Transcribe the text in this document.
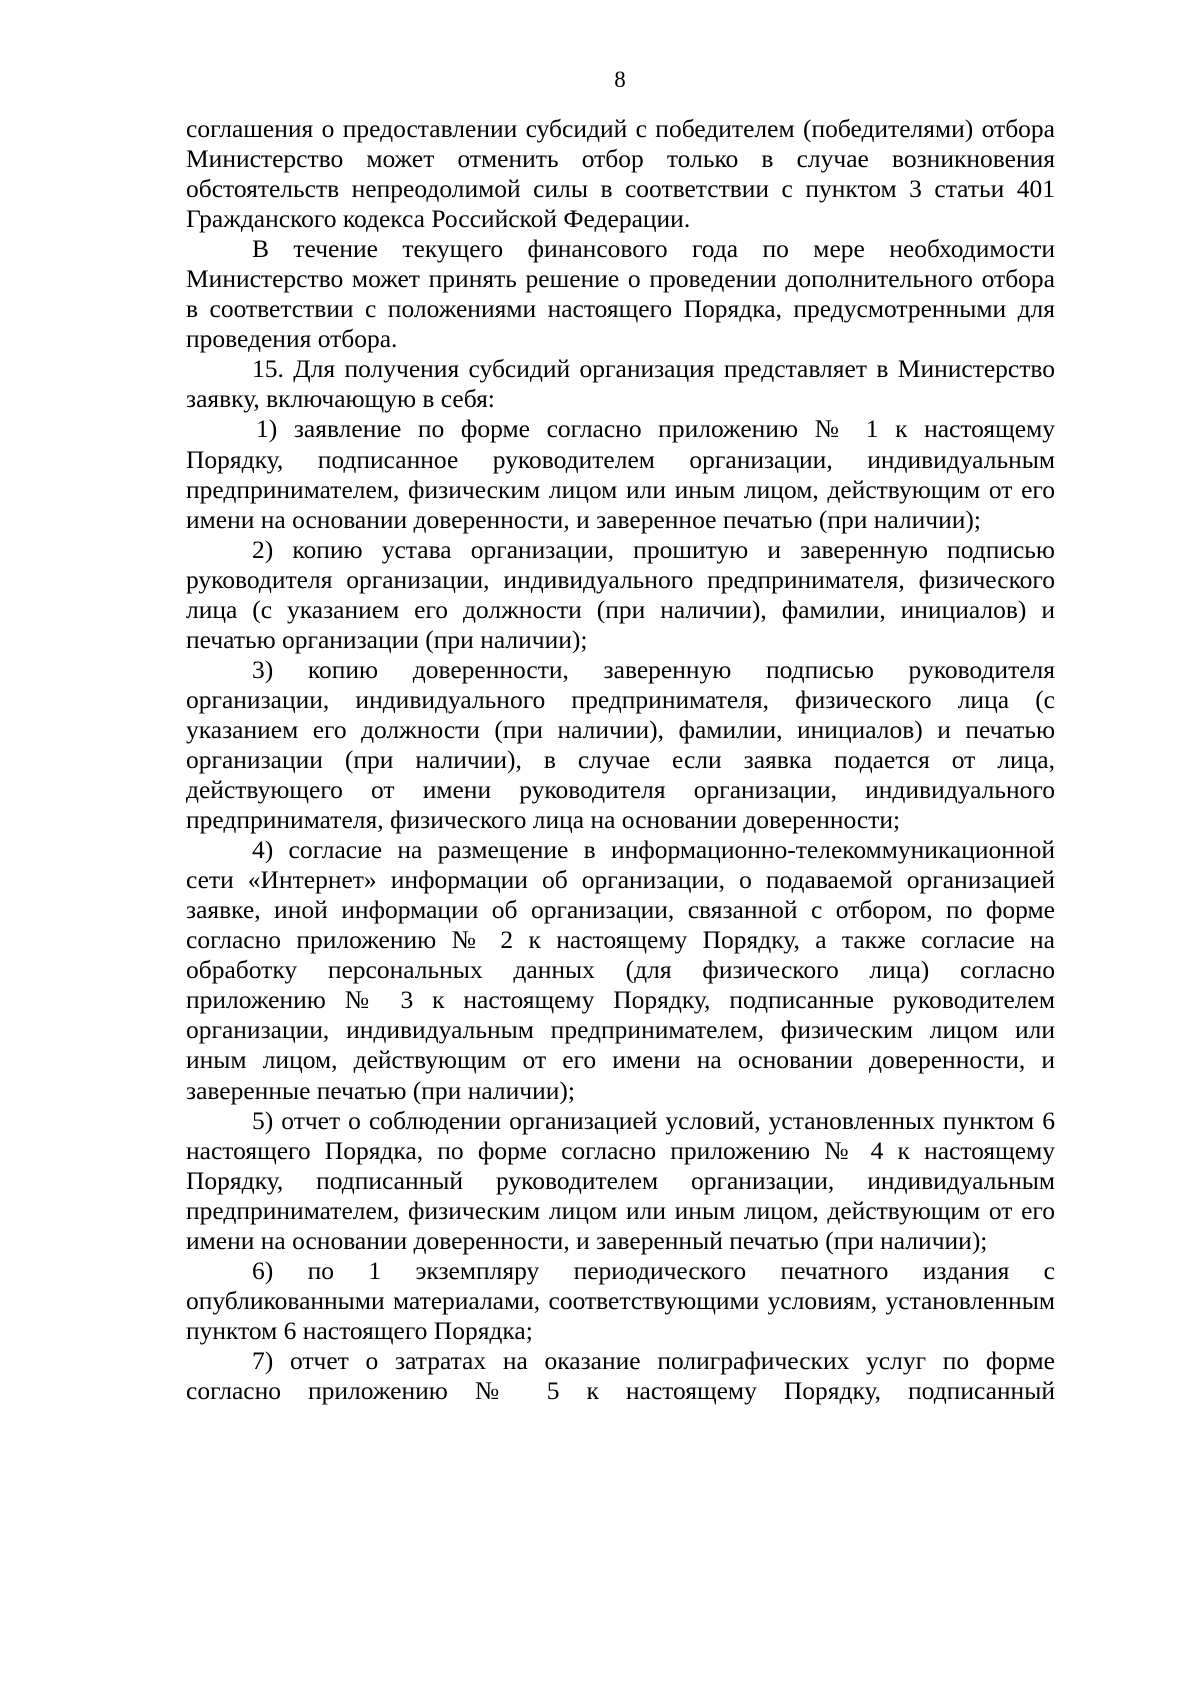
8

соглашения о предоставлении субсидий с победителем (победителями) отбора Министерство может отменить отбор только в случае возникновения обстоятельств непреодолимой силы в соответствии с пунктом 3 статьи 401 Гражданского кодекса Российской Федерации.

В течение текущего финансового года по мере необходимости Министерство может принять решение о проведении дополнительного отбора в соответствии с положениями настоящего Порядка, предусмотренными для проведения отбора.

15. Для получения субсидий организация представляет в Министерство заявку, включающую в себя:

1) заявление по форме согласно приложению № 1 к настоящему Порядку, подписанное руководителем организации, индивидуальным предпринимателем, физическим лицом или иным лицом, действующим от его имени на основании доверенности, и заверенное печатью (при наличии);

2) копию устава организации, прошитую и заверенную подписью руководителя организации, индивидуального предпринимателя, физического лица (с указанием его должности (при наличии), фамилии, инициалов) и печатью организации (при наличии);

3) копию доверенности, заверенную подписью руководителя организации, индивидуального предпринимателя, физического лица (с указанием его должности (при наличии), фамилии, инициалов) и печатью организации (при наличии), в случае если заявка подается от лица, действующего от имени руководителя организации, индивидуального предпринимателя, физического лица на основании доверенности;

4) согласие на размещение в информационно-телекоммуникационной сети «Интернет» информации об организации, о подаваемой организацией заявке, иной информации об организации, связанной с отбором, по форме согласно приложению № 2 к настоящему Порядку, а также согласие на обработку персональных данных (для физического лица) согласно приложению № 3 к настоящему Порядку, подписанные руководителем организации, индивидуальным предпринимателем, физическим лицом или иным лицом, действующим от его имени на основании доверенности, и заверенные печатью (при наличии);

5) отчет о соблюдении организацией условий, установленных пунктом 6 настоящего Порядка, по форме согласно приложению № 4 к настоящему Порядку, подписанный руководителем организации, индивидуальным предпринимателем, физическим лицом или иным лицом, действующим от его имени на основании доверенности, и заверенный печатью (при наличии);

6) по 1 экземпляру периодического печатного издания с опубликованными материалами, соответствующими условиям, установленным пунктом 6 настоящего Порядка;

7) отчет о затратах на оказание полиграфических услуг по форме согласно приложению № 5 к настоящему Порядку, подписанный
